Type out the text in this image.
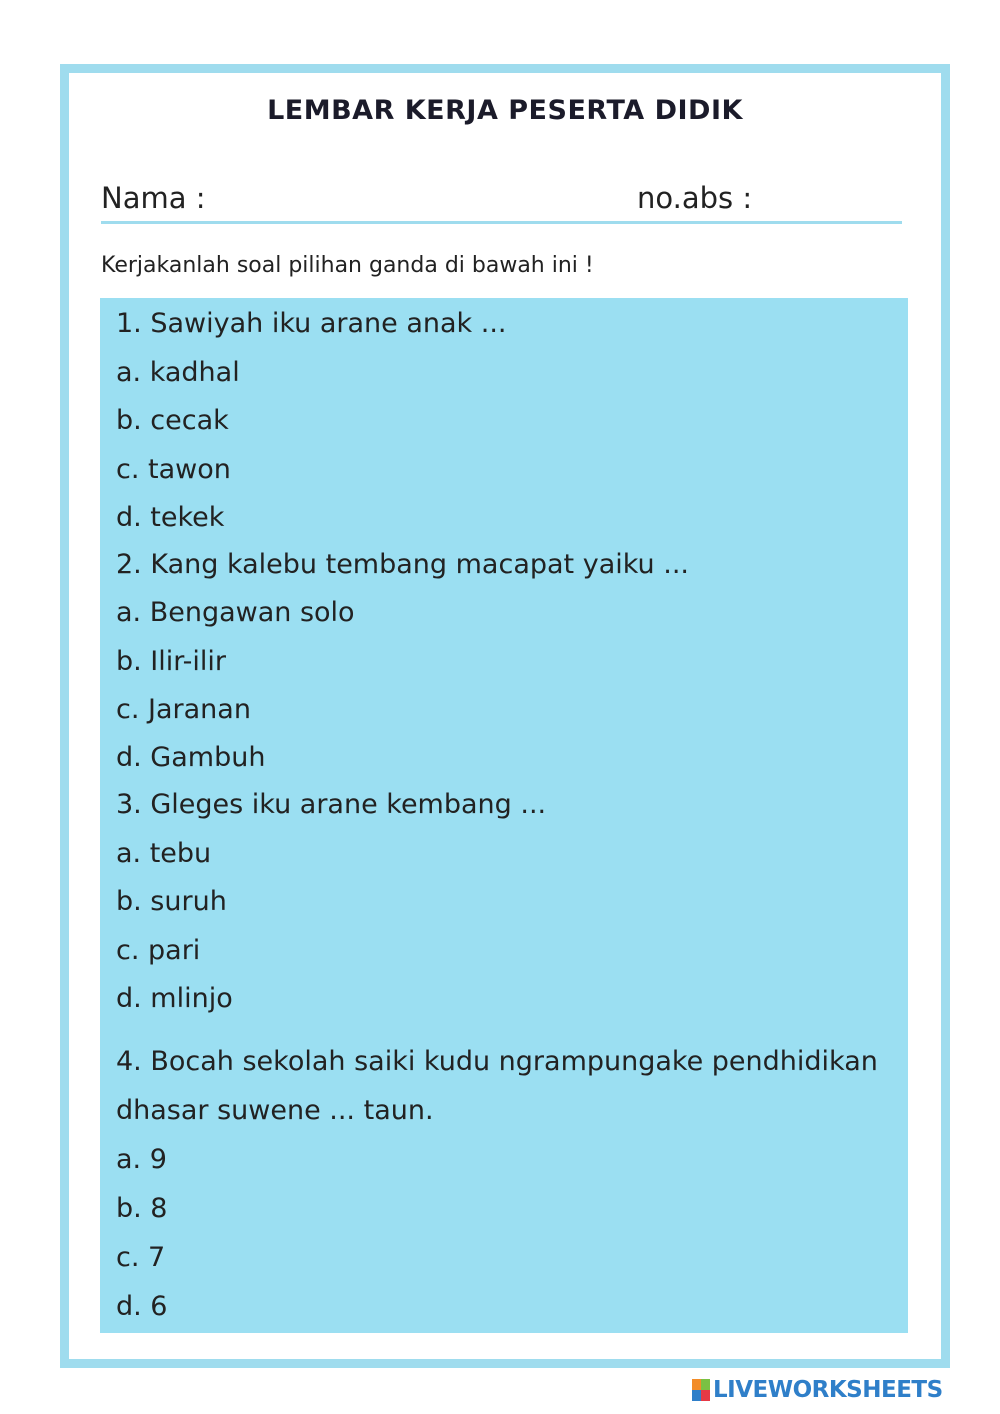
LEMBAR KERJA PESERTA DIDIK
Nama :	no.abs :
Kerjakanlah soal pilihan ganda di bawah ini !
1. Sawiyah iku arane anak ...
a. kadhal
b. cecak
c. tawon
d. tekek
2. Kang kalebu tembang macapat yaiku ...
a. Bengawan solo
b. Ilir-ilir
c. Jaranan
d. Gambuh
3. Gleges iku arane kembang ...
a. tebu
b. suruh
c. pari
d. mlinjo
4. Bocah sekolah saiki kudu ngrampungake pendhidikan
dhasar suwene ... taun.
a. 9
b. 8
c. 7
d. 6
LIVEWORKSHEETS
